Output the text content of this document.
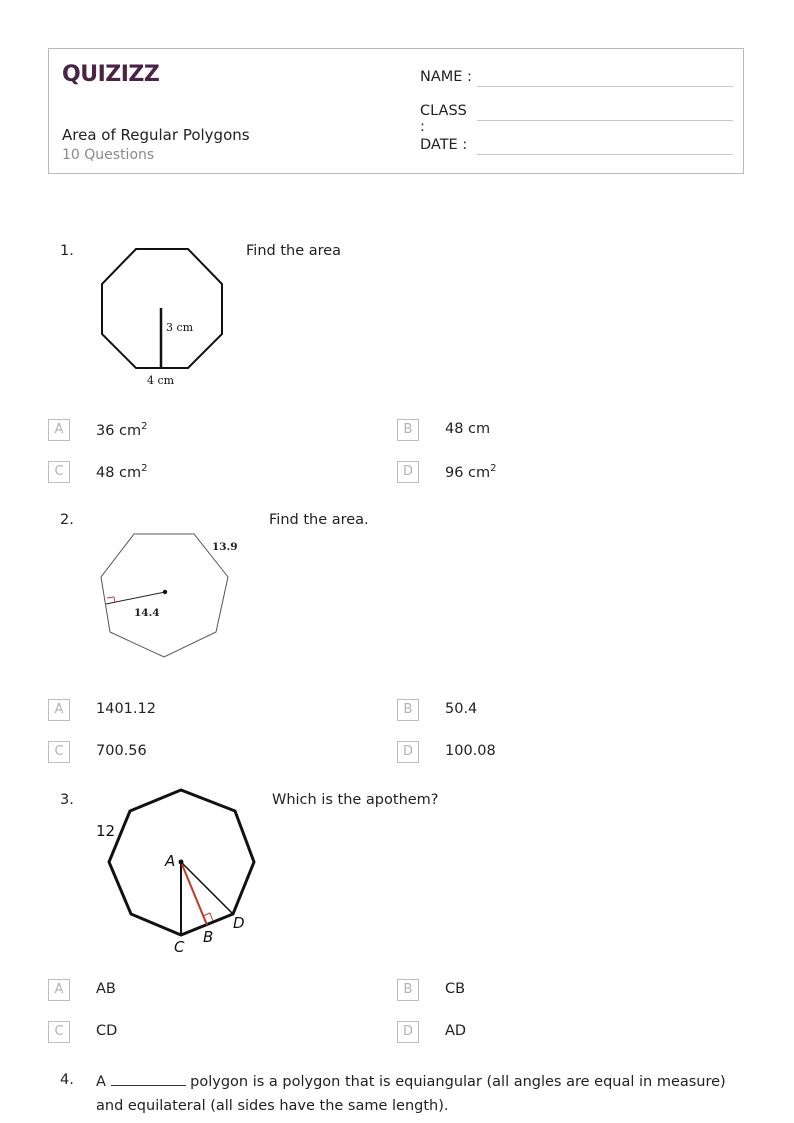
QUIZIZZ
Area of Regular Polygons
10 Questions
NAME :
CLASS :
DATE :
1.	Find the area
3 cm
4 cm
A	36 $cm^2$	B	48 cm
C	48 $cm^2$	D	96 $cm^2$
2.	Find the area.
13.9
14.4
A	1401.12	B	50.4
C	700.56	D	100.08
3.	Which is the apothem?
12
A
B
C
D
A	AB	B	CB
C	CD	D	AD
4. A	polygon is a polygon that is equiangular (all angles are equal in measure) and equilateral (all sides have the same length).
